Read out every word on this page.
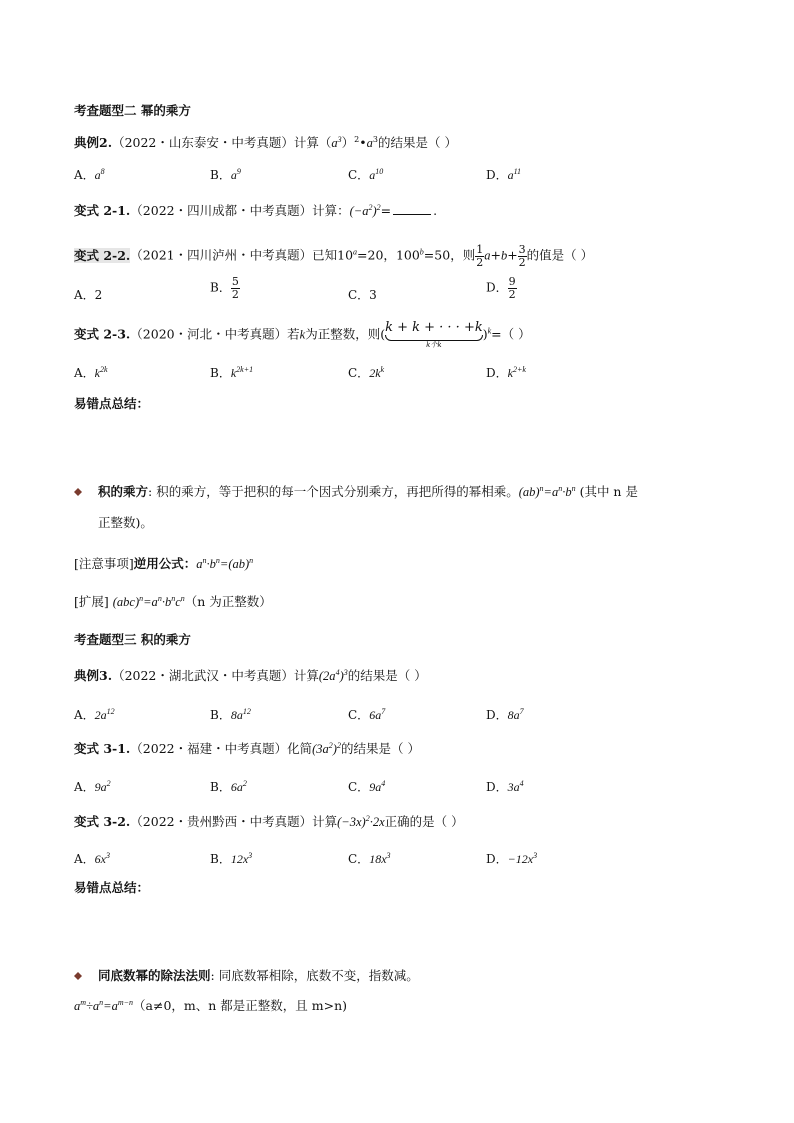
考查题型二 幂的乘方
典例2.（2022・山东泰安・中考真题）计算$(a^3)^2•a^3$的结果是（ ）
A．$a^8$	B．$a^9$	C．$a^{10}$	D．$a^{11}$
变式 2-1.（2022・四川成都・中考真题）计算：$(-a^2)^2=$	.
变式 2-2.（2021・四川泸州・中考真题）已知$10^a=20$，$100^b=50$，则 $\frac{1}{2} a+b+ \frac{3}{2}$ 的值是（ ）
A．2
B． $\frac{5}{2}$	C．3
D． $\frac{9}{2}$
变式 2-3.（2020・河北・中考真题）若k为正整数，则( k + k + · · · +k
k个k
)$^k$=（ ）
A．$k^{2k}$	B．$k^{2k+1}$	C．$2k^k$	D．$k^{2+k}$
易错点总结：
积的乘方: 积的乘方，等于把积的每一个因式分别乘方，再把所得的幂相乘。$(ab)^n=a^n\cdot b^n$ (其中 n 是
正整数)。
[注意事项]逆用公式：$a^n\cdot b^n=(ab)^n$
[扩展] $(abc)^n=a^n\cdot b^nc^n(n$ 为正整数）
考查题型三 积的乘方
典例3.（2022・湖北武汉・中考真题）计算$(2a^4)^3$的结果是（ ）
A．$2a^{12}$	B．$8a^{12}$	C．$6a^7$	D．$8a^7$
变式 3-1.（2022・福建・中考真题）化简$(3a^2)^2$的结果是（ ）
A．$9a^2$	B．$6a^2$	C．$9a^4$	D．$3a^4$
变式 3-2.（2022・贵州黔西・中考真题）计算$(-3x)^2\cdot 2x$正确的是（ ）
A．$6x^3$	B．$12x^3$	C．$18x^3$	D．$-12x^3$
易错点总结：
同底数幂的除法法则: 同底数幂相除，底数不变，指数减。
$a^m\div a^n=a^{m-n}(a\ne 0$，m、n 都是正整数，且 m>n)
